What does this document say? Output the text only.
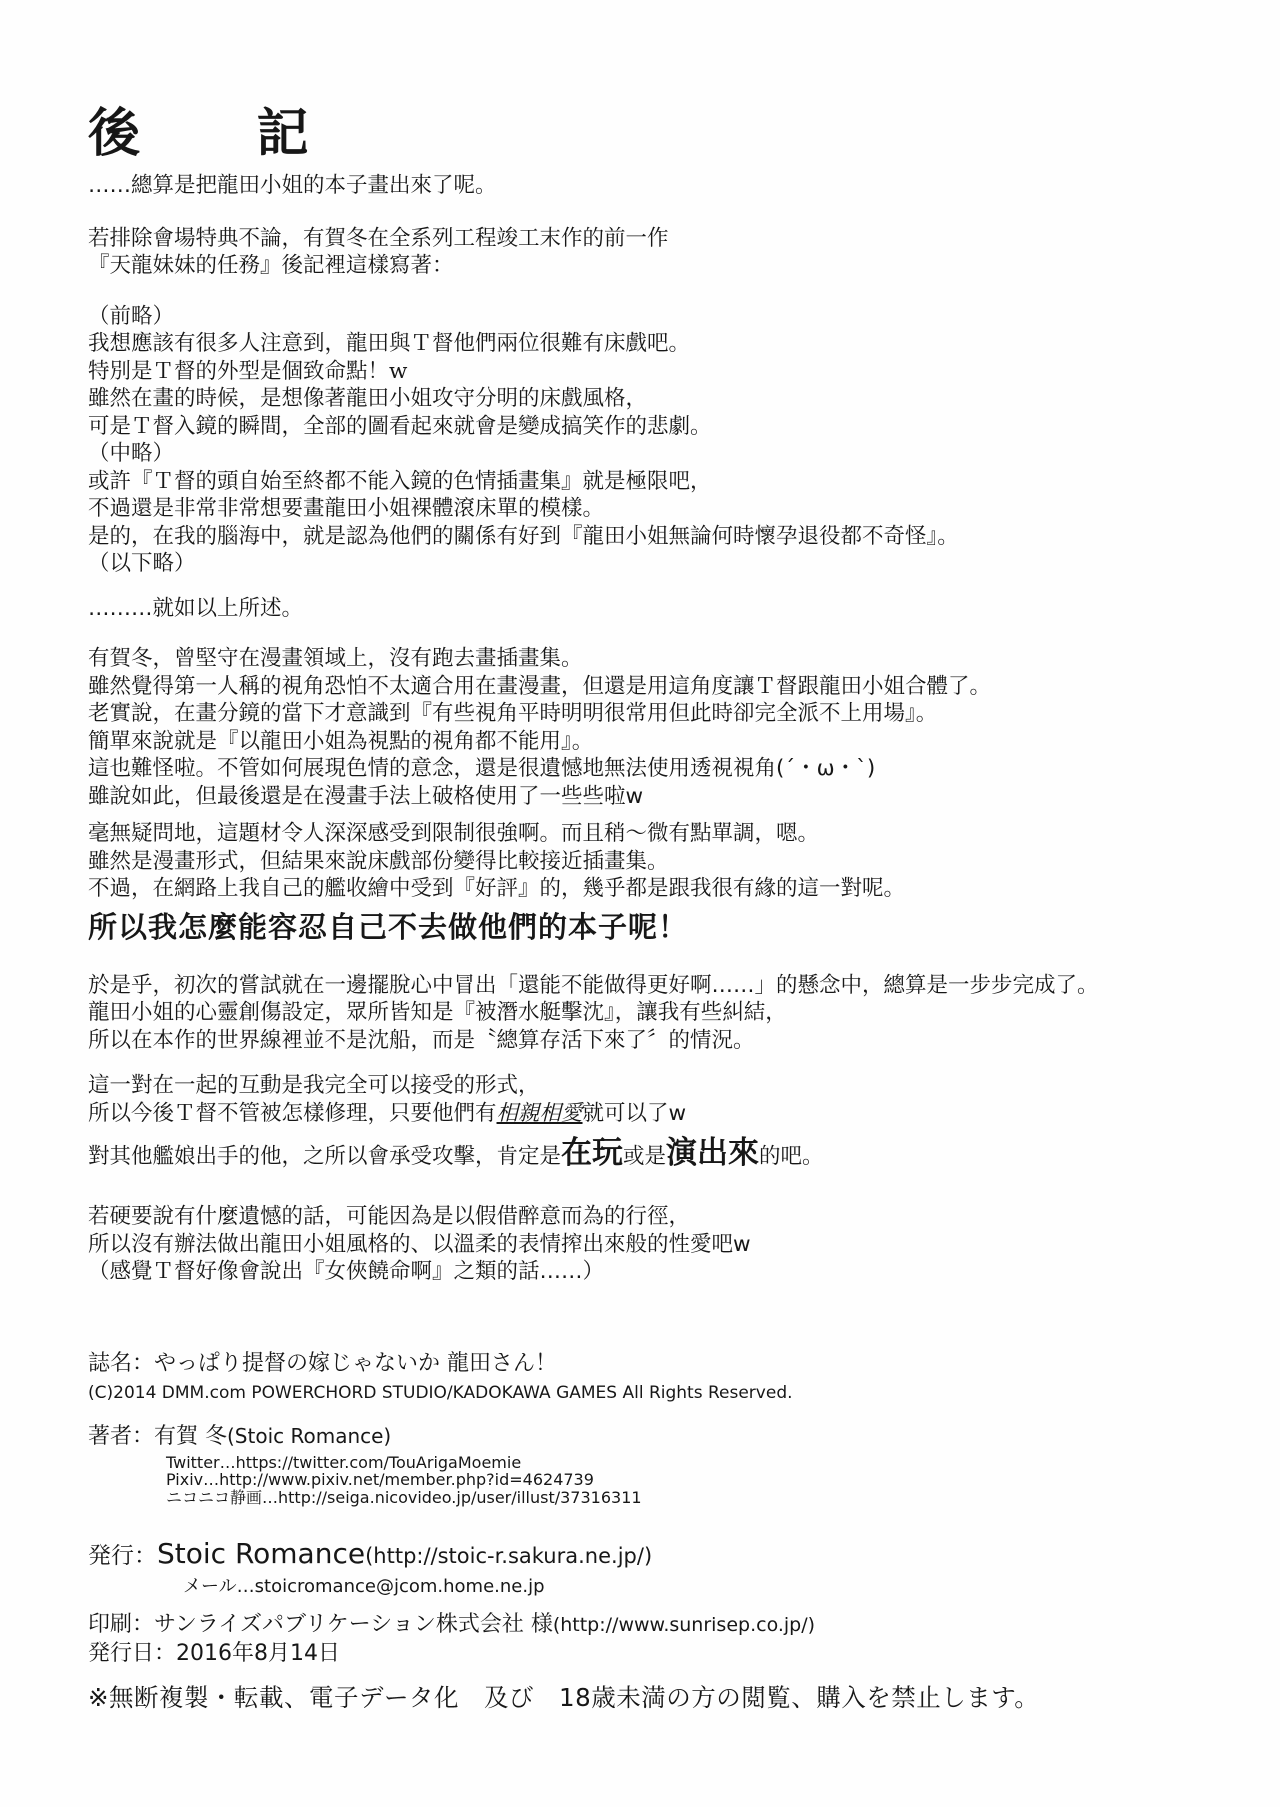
後　記
……總算是把龍田小姐的本子畫出來了呢。
若排除會場特典不論，有賀冬在全系列工程竣工末作的前一作
『天龍妹妹的任務』後記裡這樣寫著：
（前略）
我想應該有很多人注意到，龍田與Ｔ督他們兩位很難有床戲吧。
特別是Ｔ督的外型是個致命點！w
雖然在畫的時候，是想像著龍田小姐攻守分明的床戲風格，
可是Ｔ督入鏡的瞬間，全部的圖看起來就會是變成搞笑作的悲劇。
（中略）
或許『Ｔ督的頭自始至終都不能入鏡的色情插畫集』就是極限吧，
不過還是非常非常想要畫龍田小姐裸體滾床單的模樣。
是的，在我的腦海中，就是認為他們的關係有好到『龍田小姐無論何時懷孕退役都不奇怪』。
（以下略）
………就如以上所述。
有賀冬，曾堅守在漫畫領域上，沒有跑去畫插畫集。
雖然覺得第一人稱的視角恐怕不太適合用在畫漫畫，但還是用這角度讓Ｔ督跟龍田小姐合體了。
老實說，在畫分鏡的當下才意識到『有些視角平時明明很常用但此時卻完全派不上用場』。
簡單來說就是『以龍田小姐為視點的視角都不能用』。
這也難怪啦。不管如何展現色情的意念，還是很遺憾地無法使用透視視角(´・ω・`)
雖說如此，但最後還是在漫畫手法上破格使用了一些些啦w
毫無疑問地，這題材令人深深感受到限制很強啊。而且稍～微有點單調，嗯。
雖然是漫畫形式，但結果來說床戲部份變得比較接近插畫集。
不過，在網路上我自己的艦收繪中受到『好評』的，幾乎都是跟我很有緣的這一對呢。
所以我怎麼能容忍自己不去做他們的本子呢！
於是乎，初次的嘗試就在一邊擺脫心中冒出「還能不能做得更好啊……」的懸念中，總算是一步步完成了。
龍田小姐的心靈創傷設定，眾所皆知是『被潛水艇擊沈』，讓我有些糾結，
所以在本作的世界線裡並不是沈船，而是〝總算存活下來了〞的情況。
這一對在一起的互動是我完全可以接受的形式，
所以今後Ｔ督不管被怎樣修理，只要他們有相親相愛就可以了w
對其他艦娘出手的他，之所以會承受攻擊，肯定是在玩或是演出來的吧。
若硬要說有什麼遺憾的話，可能因為是以假借醉意而為的行徑，
所以沒有辦法做出龍田小姐風格的、以溫柔的表情搾出來般的性愛吧w
（感覺Ｔ督好像會說出『女俠饒命啊』之類的話……）
誌名：やっぱり提督の嫁じゃないか 龍田さん！
(C)2014 DMM.com POWERCHORD STUDIO/KADOKAWA GAMES All Rights Reserved.
著者：有賀 冬(Stoic Romance)
Twitter…https://twitter.com/TouArigaMoemie
Pixiv…http://www.pixiv.net/member.php?id=4624739
ニコニコ静画…http://seiga.nicovideo.jp/user/illust/37316311
発行：Stoic Romance(http://stoic-r.sakura.ne.jp/)
メール…stoicromance@jcom.home.ne.jp
印刷：サンライズパブリケーション株式会社 様(http://www.sunrisep.co.jp/)
発行日：2016年8月14日
※無断複製・転載、電子データ化　及び　18歳未満の方の閲覧、購入を禁止します。
